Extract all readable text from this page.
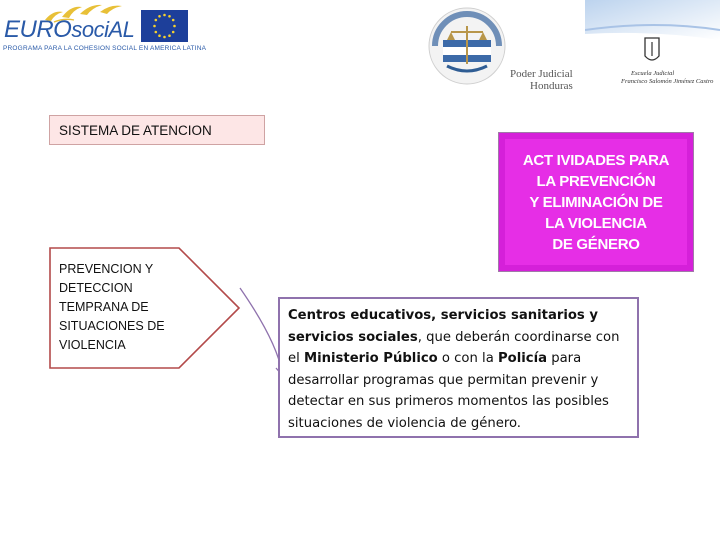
EUROsociAL
PROGRAMA PARA LA COHESION SOCIAL EN AMERICA LATINA
Poder Judicial
Honduras
Escuela Judicial
Francisco Salomón Jiménez Castro
SISTEMA DE ATENCION
PREVENCION Y DETECCION TEMPRANA DE SITUACIONES DE VIOLENCIA
ACT IVIDADES PARA
LA PREVENCIÓN
Y ELIMINACIÓN DE
LA VIOLENCIA
DE GÉNERO
Centros educativos, servicios sanitarios y servicios sociales, que deberán coordinarse con el Ministerio Público o con la Policía para desarrollar programas que permitan prevenir y detectar en sus primeros momentos las posibles situaciones de violencia de género.
